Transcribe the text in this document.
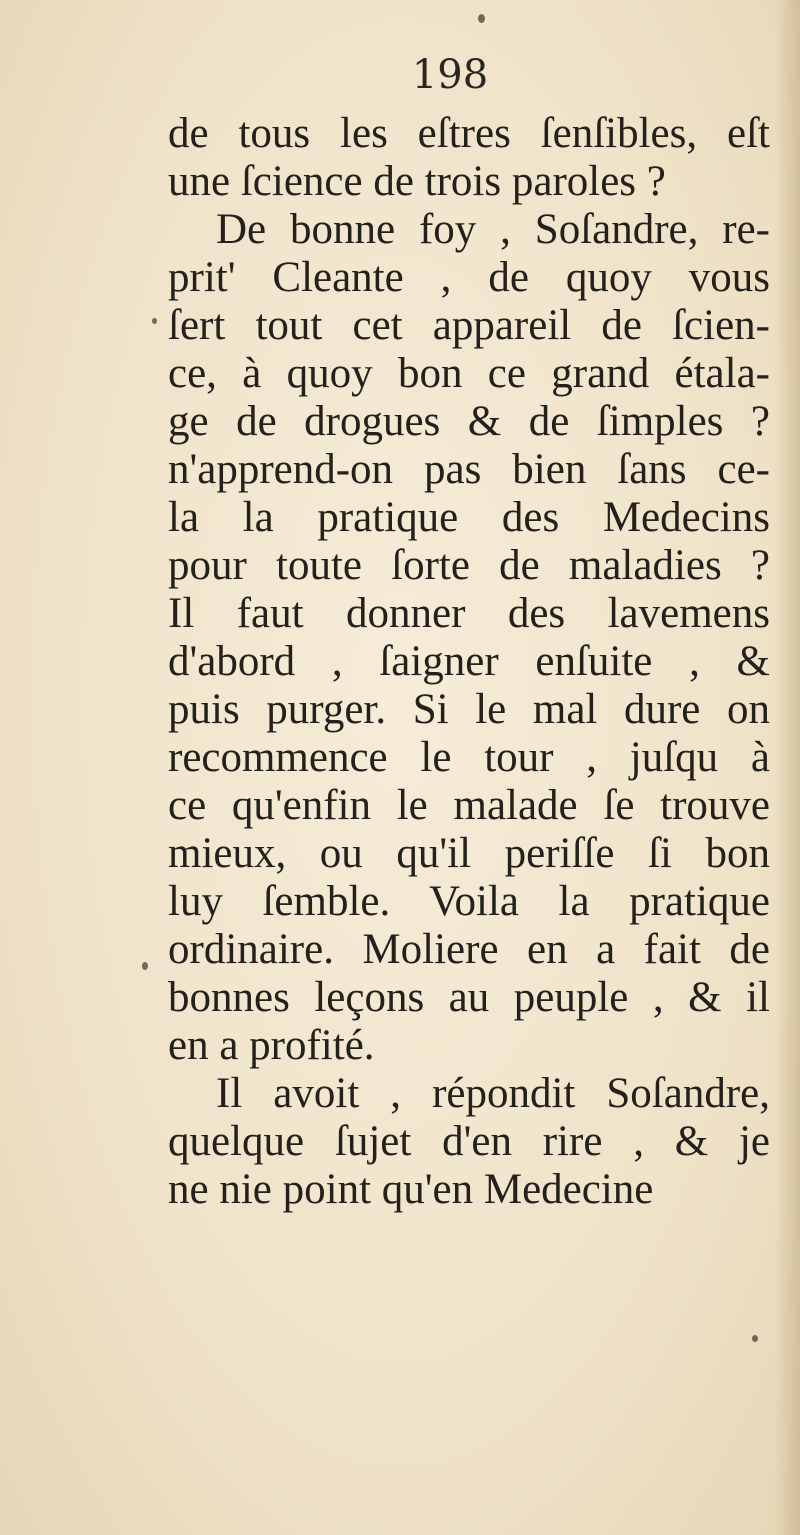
198
de tous les eſtres ſenſibles, eſt
une ſcience de trois paroles ?
De bonne foy , Soſandre, re-
prit' Cleante , de quoy vous
ſert tout cet appareil de ſcien-
ce, à quoy bon ce grand étala-
ge de drogues & de ſimples ?
n'apprend-on pas bien ſans ce-
la la pratique des Medecins
pour toute ſorte de maladies ?
Il faut donner des lavemens
d'abord , ſaigner enſuite , &
puis purger. Si le mal dure on
recommence le tour , juſqu à
ce qu'enfin le malade ſe trouve
mieux, ou qu'il periſſe ſi bon
luy ſemble. Voila la pratique
ordinaire. Moliere en a fait de
bonnes leçons au peuple , & il
en a profité.
Il avoit , répondit Soſandre,
quelque ſujet d'en rire , & je
ne nie point qu'en Medecine
